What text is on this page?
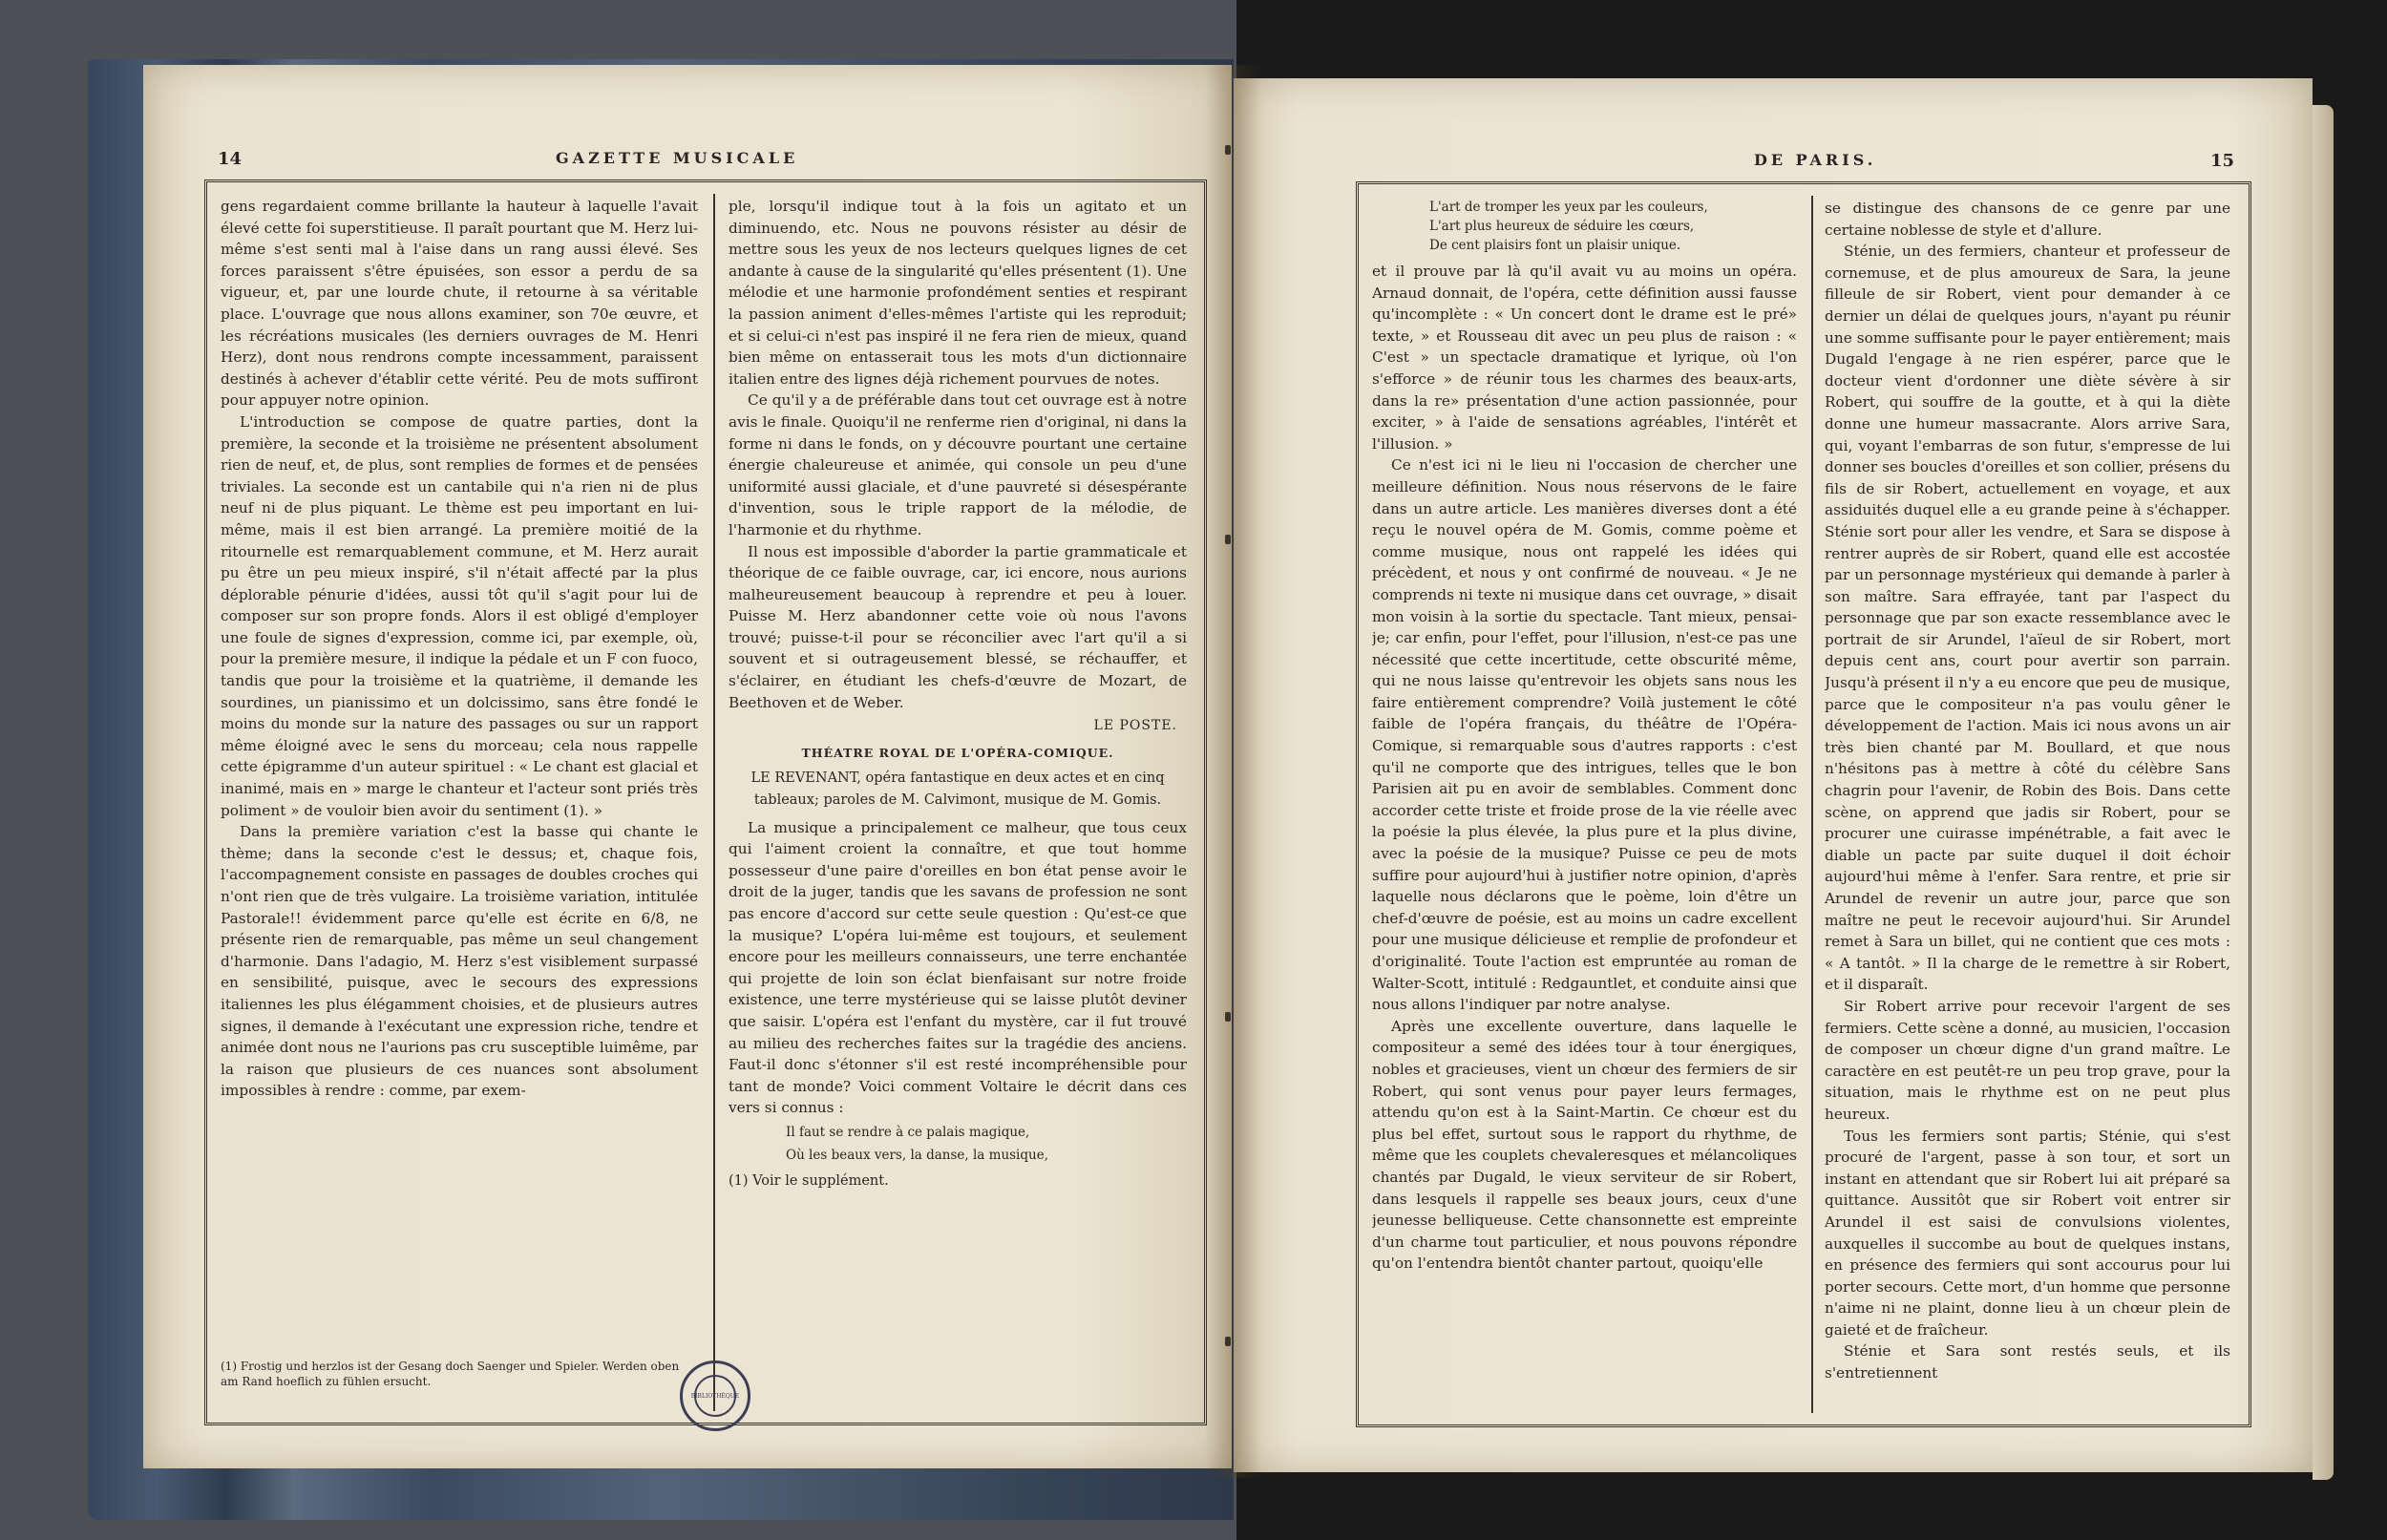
14	GAZETTE MUSICALE

gens regardaient comme brillante la hauteur à laquelle l'avait élevé cette foi superstitieuse. Il paraît pourtant que M. Herz lui-même s'est senti mal à l'aise dans un rang aussi élevé. Ses forces paraissent s'être épuisées, son essor a perdu de sa vigueur, et, par une lourde chute, il retourne à sa véritable place. L'ouvrage que nous allons examiner, son 70e œuvre, et les récréations musicales (les derniers ouvrages de M. Henri Herz), dont nous rendrons compte incessamment, paraissent destinés à achever d'établir cette vérité. Peu de mots suffiront pour appuyer notre opinion.

L'introduction se compose de quatre parties, dont la première, la seconde et la troisième ne présentent absolument rien de neuf, et, de plus, sont remplies de formes et de pensées triviales. La seconde est un cantabile qui n'a rien ni de plus neuf ni de plus piquant. Le thème est peu important en lui-même, mais il est bien arrangé. La première moitié de la ritournelle est remarquablement commune, et M. Herz aurait pu être un peu mieux inspiré, s'il n'était affecté par la plus déplorable pénurie d'idées, aussi tôt qu'il s'agit pour lui de composer sur son propre fonds. Alors il est obligé d'employer une foule de signes d'expression, comme ici, par exemple, où, pour la première mesure, il indique la pédale et un F con fuoco, tandis que pour la troisième et la quatrième, il demande les sourdines, un pianissimo et un dolcissimo, sans être fondé le moins du monde sur la nature des passages ou sur un rapport même éloigné avec le sens du morceau; cela nous rappelle cette épigramme d'un auteur spirituel : « Le chant est glacial et inanimé, mais en » marge le chanteur et l'acteur sont priés très poliment » de vouloir bien avoir du sentiment (1). »

Dans la première variation c'est la basse qui chante le thème; dans la seconde c'est le dessus; et, chaque fois, l'accompagnement consiste en passages de doubles croches qui n'ont rien que de très vulgaire. La troisième variation, intitulée Pastorale!! évidemment parce qu'elle est écrite en 6/8, ne présente rien de remarquable, pas même un seul changement d'harmonie. Dans l'adagio, M. Herz s'est visiblement surpassé en sensibilité, puisque, avec le secours des expressions italiennes les plus élégamment choisies, et de plusieurs autres signes, il demande à l'exécutant une expression riche, tendre et animée dont nous ne l'aurions pas cru susceptible luimême, par la raison que plusieurs de ces nuances sont absolument impossibles à rendre : comme, par exem-

(1) Frostig und herzlos ist der Gesang doch Saenger und Spieler. Werden oben am Rand hoeflich zu fühlen ersucht.

ple, lorsqu'il indique tout à la fois un agitato et un diminuendo, etc. Nous ne pouvons résister au désir de mettre sous les yeux de nos lecteurs quelques lignes de cet andante à cause de la singularité qu'elles présentent (1). Une mélodie et une harmonie profondément senties et respirant la passion animent d'elles-mêmes l'artiste qui les reproduit; et si celui-ci n'est pas inspiré il ne fera rien de mieux, quand bien même on entasserait tous les mots d'un dictionnaire italien entre des lignes déjà richement pourvues de notes.

Ce qu'il y a de préférable dans tout cet ouvrage est à notre avis le finale. Quoiqu'il ne renferme rien d'original, ni dans la forme ni dans le fonds, on y découvre pourtant une certaine énergie chaleureuse et animée, qui console un peu d'une uniformité aussi glaciale, et d'une pauvreté si désespérante d'invention, sous le triple rapport de la mélodie, de l'harmonie et du rhythme.

Il nous est impossible d'aborder la partie grammaticale et théorique de ce faible ouvrage, car, ici encore, nous aurions malheureusement beaucoup à reprendre et peu à louer. Puisse M. Herz abandonner cette voie où nous l'avons trouvé; puisse-t-il pour se réconcilier avec l'art qu'il a si souvent et si outrageusement blessé, se réchauffer, et s'éclairer, en étudiant les chefs-d'œuvre de Mozart, de Beethoven et de Weber.

LE POSTE.
THÉATRE ROYAL DE L'OPÉRA-COMIQUE.

LE REVENANT, opéra fantastique en deux actes et en cinq tableaux; paroles de M. Calvimont, musique de M. Gomis.

La musique a principalement ce malheur, que tous ceux qui l'aiment croient la connaître, et que tout homme possesseur d'une paire d'oreilles en bon état pense avoir le droit de la juger, tandis que les savans de profession ne sont pas encore d'accord sur cette seule question : Qu'est-ce que la musique? L'opéra lui-même est toujours, et seulement encore pour les meilleurs connaisseurs, une terre enchantée qui projette de loin son éclat bienfaisant sur notre froide existence, une terre mystérieuse qui se laisse plutôt deviner que saisir. L'opéra est l'enfant du mystère, car il fut trouvé au milieu des recherches faites sur la tragédie des anciens. Faut-il donc s'étonner s'il est resté incompréhensible pour tant de monde? Voici comment Voltaire le décrit dans ces vers si connus :

Il faut se rendre à ce palais magique,
Où les beaux vers, la danse, la musique,
(1) Voir le supplément.
BIBLIOTHÈQUE
DE PARIS.	15
L'art de tromper les yeux par les couleurs,
L'art plus heureux de séduire les cœurs,
De cent plaisirs font un plaisir unique.

et il prouve par là qu'il avait vu au moins un opéra. Arnaud donnait, de l'opéra, cette définition aussi fausse qu'incomplète : « Un concert dont le drame est le pré» texte, » et Rousseau dit avec un peu plus de raison : « C'est » un spectacle dramatique et lyrique, où l'on s'efforce » de réunir tous les charmes des beaux-arts, dans la re» présentation d'une action passionnée, pour exciter, » à l'aide de sensations agréables, l'intérêt et l'illusion. »

Ce n'est ici ni le lieu ni l'occasion de chercher une meilleure définition. Nous nous réservons de le faire dans un autre article. Les manières diverses dont a été reçu le nouvel opéra de M. Gomis, comme poème et comme musique, nous ont rappelé les idées qui précèdent, et nous y ont confirmé de nouveau. « Je ne comprends ni texte ni musique dans cet ouvrage, » disait mon voisin à la sortie du spectacle. Tant mieux, pensai-je; car enfin, pour l'effet, pour l'illusion, n'est-ce pas une nécessité que cette incertitude, cette obscurité même, qui ne nous laisse qu'entrevoir les objets sans nous les faire entièrement comprendre? Voilà justement le côté faible de l'opéra français, du théâtre de l'Opéra-Comique, si remarquable sous d'autres rapports : c'est qu'il ne comporte que des intrigues, telles que le bon Parisien ait pu en avoir de semblables. Comment donc accorder cette triste et froide prose de la vie réelle avec la poésie la plus élevée, la plus pure et la plus divine, avec la poésie de la musique? Puisse ce peu de mots suffire pour aujourd'hui à justifier notre opinion, d'après laquelle nous déclarons que le poème, loin d'être un chef-d'œuvre de poésie, est au moins un cadre excellent pour une musique délicieuse et remplie de profondeur et d'originalité. Toute l'action est empruntée au roman de Walter-Scott, intitulé : Redgauntlet, et conduite ainsi que nous allons l'indiquer par notre analyse.

Après une excellente ouverture, dans laquelle le compositeur a semé des idées tour à tour énergiques, nobles et gracieuses, vient un chœur des fermiers de sir Robert, qui sont venus pour payer leurs fermages, attendu qu'on est à la Saint-Martin. Ce chœur est du plus bel effet, surtout sous le rapport du rhythme, de même que les couplets chevaleresques et mélancoliques chantés par Dugald, le vieux serviteur de sir Robert, dans lesquels il rappelle ses beaux jours, ceux d'une jeunesse belliqueuse. Cette chansonnette est empreinte d'un charme tout particulier, et nous pouvons répondre qu'on l'entendra bientôt chanter partout, quoiqu'elle

se distingue des chansons de ce genre par une certaine noblesse de style et d'allure.

Sténie, un des fermiers, chanteur et professeur de cornemuse, et de plus amoureux de Sara, la jeune filleule de sir Robert, vient pour demander à ce dernier un délai de quelques jours, n'ayant pu réunir une somme suffisante pour le payer entièrement; mais Dugald l'engage à ne rien espérer, parce que le docteur vient d'ordonner une diète sévère à sir Robert, qui souffre de la goutte, et à qui la diète donne une humeur massacrante. Alors arrive Sara, qui, voyant l'embarras de son futur, s'empresse de lui donner ses boucles d'oreilles et son collier, présens du fils de sir Robert, actuellement en voyage, et aux assiduités duquel elle a eu grande peine à s'échapper. Sténie sort pour aller les vendre, et Sara se dispose à rentrer auprès de sir Robert, quand elle est accostée par un personnage mystérieux qui demande à parler à son maître. Sara effrayée, tant par l'aspect du personnage que par son exacte ressemblance avec le portrait de sir Arundel, l'aïeul de sir Robert, mort depuis cent ans, court pour avertir son parrain. Jusqu'à présent il n'y a eu encore que peu de musique, parce que le compositeur n'a pas voulu gêner le développement de l'action. Mais ici nous avons un air très bien chanté par M. Boullard, et que nous n'hésitons pas à mettre à côté du célèbre Sans chagrin pour l'avenir, de Robin des Bois. Dans cette scène, on apprend que jadis sir Robert, pour se procurer une cuirasse impénétrable, a fait avec le diable un pacte par suite duquel il doit échoir aujourd'hui même à l'enfer. Sara rentre, et prie sir Arundel de revenir un autre jour, parce que son maître ne peut le recevoir aujourd'hui. Sir Arundel remet à Sara un billet, qui ne contient que ces mots : « A tantôt. » Il la charge de le remettre à sir Robert, et il disparaît.

Sir Robert arrive pour recevoir l'argent de ses fermiers. Cette scène a donné, au musicien, l'occasion de composer un chœur digne d'un grand maître. Le caractère en est peutêt-re un peu trop grave, pour la situation, mais le rhythme est on ne peut plus heureux.

Tous les fermiers sont partis; Sténie, qui s'est procuré de l'argent, passe à son tour, et sort un instant en attendant que sir Robert lui ait préparé sa quittance. Aussitôt que sir Robert voit entrer sir Arundel il est saisi de convulsions violentes, auxquelles il succombe au bout de quelques instans, en présence des fermiers qui sont accourus pour lui porter secours. Cette mort, d'un homme que personne n'aime ni ne plaint, donne lieu à un chœur plein de gaieté et de fraîcheur.

Sténie et Sara sont restés seuls, et ils s'entretiennent
